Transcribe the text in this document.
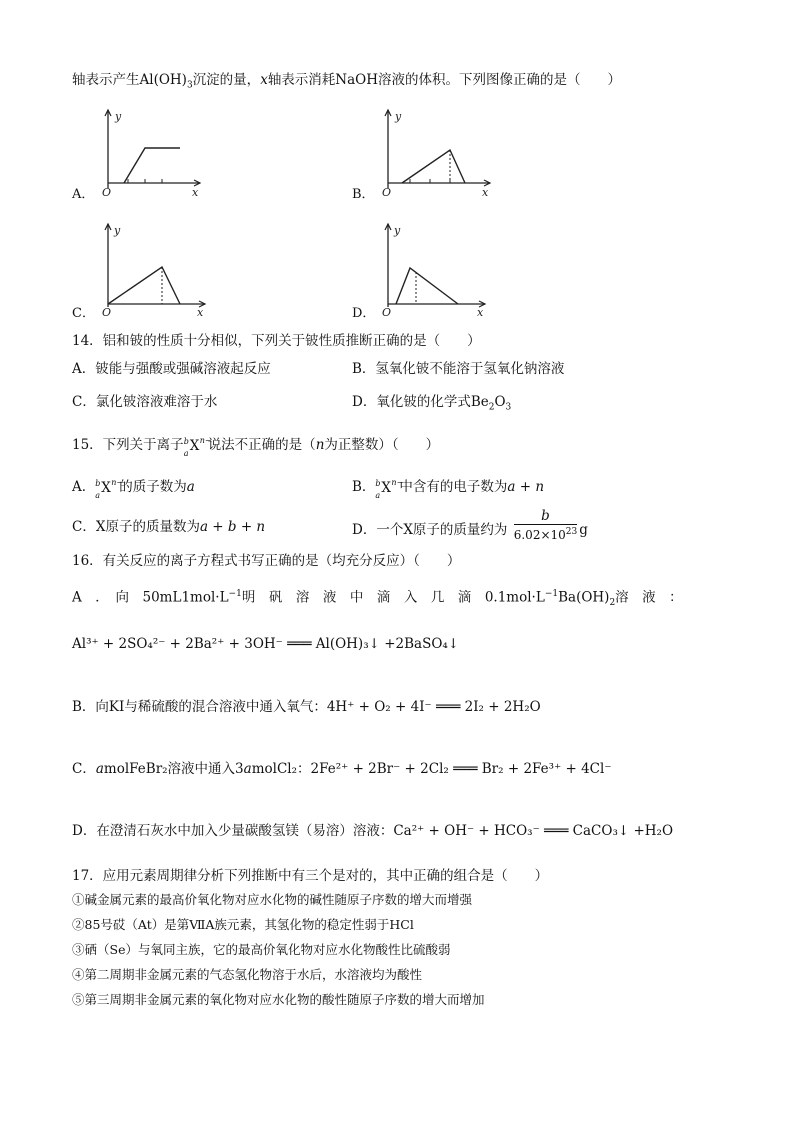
轴表示产生$Al(OH)_3$沉淀的量，x轴表示消耗NaOH溶液的体积。下列图像正确的是（　　）
A．
y
x
O	B．
y
x
O
C．
y
x
O	D．
y
x
O
14．铝和铍的性质十分相似，下列关于铍性质推断正确的是（　　）
A．铍能与强酸或强碱溶液起反应	B．氢氧化铍不能溶于氢氧化钠溶液
C．氯化铍溶液难溶于水	D．氧化铍的化学式$Be_2O_3$
15．下列关于离子 b
a X n−
说法不正确的是（n为正整数）（　　）
A． b
a X n−
的质子数为a	B． b
a X n−
中含有的电子数为a + n
C．X原子的质量数为a + b + n	D．一个X原子的质量约为 $\frac{b}{6.02\times 10^{23}}$ g
16．有关反应的离子方程式书写正确的是（均充分反应）（　　）
A　．　向　$50mL1mol\cdot L^{-1}$明　矾　溶　液　中　滴　入　几　滴　$0.1mol\cdot L^{-1}Ba(OH)_2$溶　液　：
Al³⁺ + 2SO₄²⁻ + 2Ba²⁺ + 3OH⁻ ═══ Al(OH)₃↓ +2BaSO₄↓
B．向KI与稀硫酸的混合溶液中通入氧气：4H⁺ + O₂ + 4I⁻ ═══ 2I₂ + 2H₂O
C．amolFeBr₂溶液中通入3amolCl₂：2Fe²⁺ + 2Br⁻ + 2Cl₂ ═══ Br₂ + 2Fe³⁺ + 4Cl⁻
D．在澄清石灰水中加入少量碳酸氢镁（易溶）溶液：Ca²⁺ + OH⁻ + HCO₃⁻ ═══ CaCO₃↓ +H₂O
17．应用元素周期律分析下列推断中有三个是对的，其中正确的组合是（　　）
①碱金属元素的最高价氧化物对应水化物的碱性随原子序数的增大而增强
②85号砹（At）是第ⅦA族元素，其氢化物的稳定性弱于HCl
③硒（Se）与氧同主族，它的最高价氧化物对应水化物酸性比硫酸弱
④第二周期非金属元素的气态氢化物溶于水后，水溶液均为酸性
⑤第三周期非金属元素的氧化物对应水化物的酸性随原子序数的增大而增加
